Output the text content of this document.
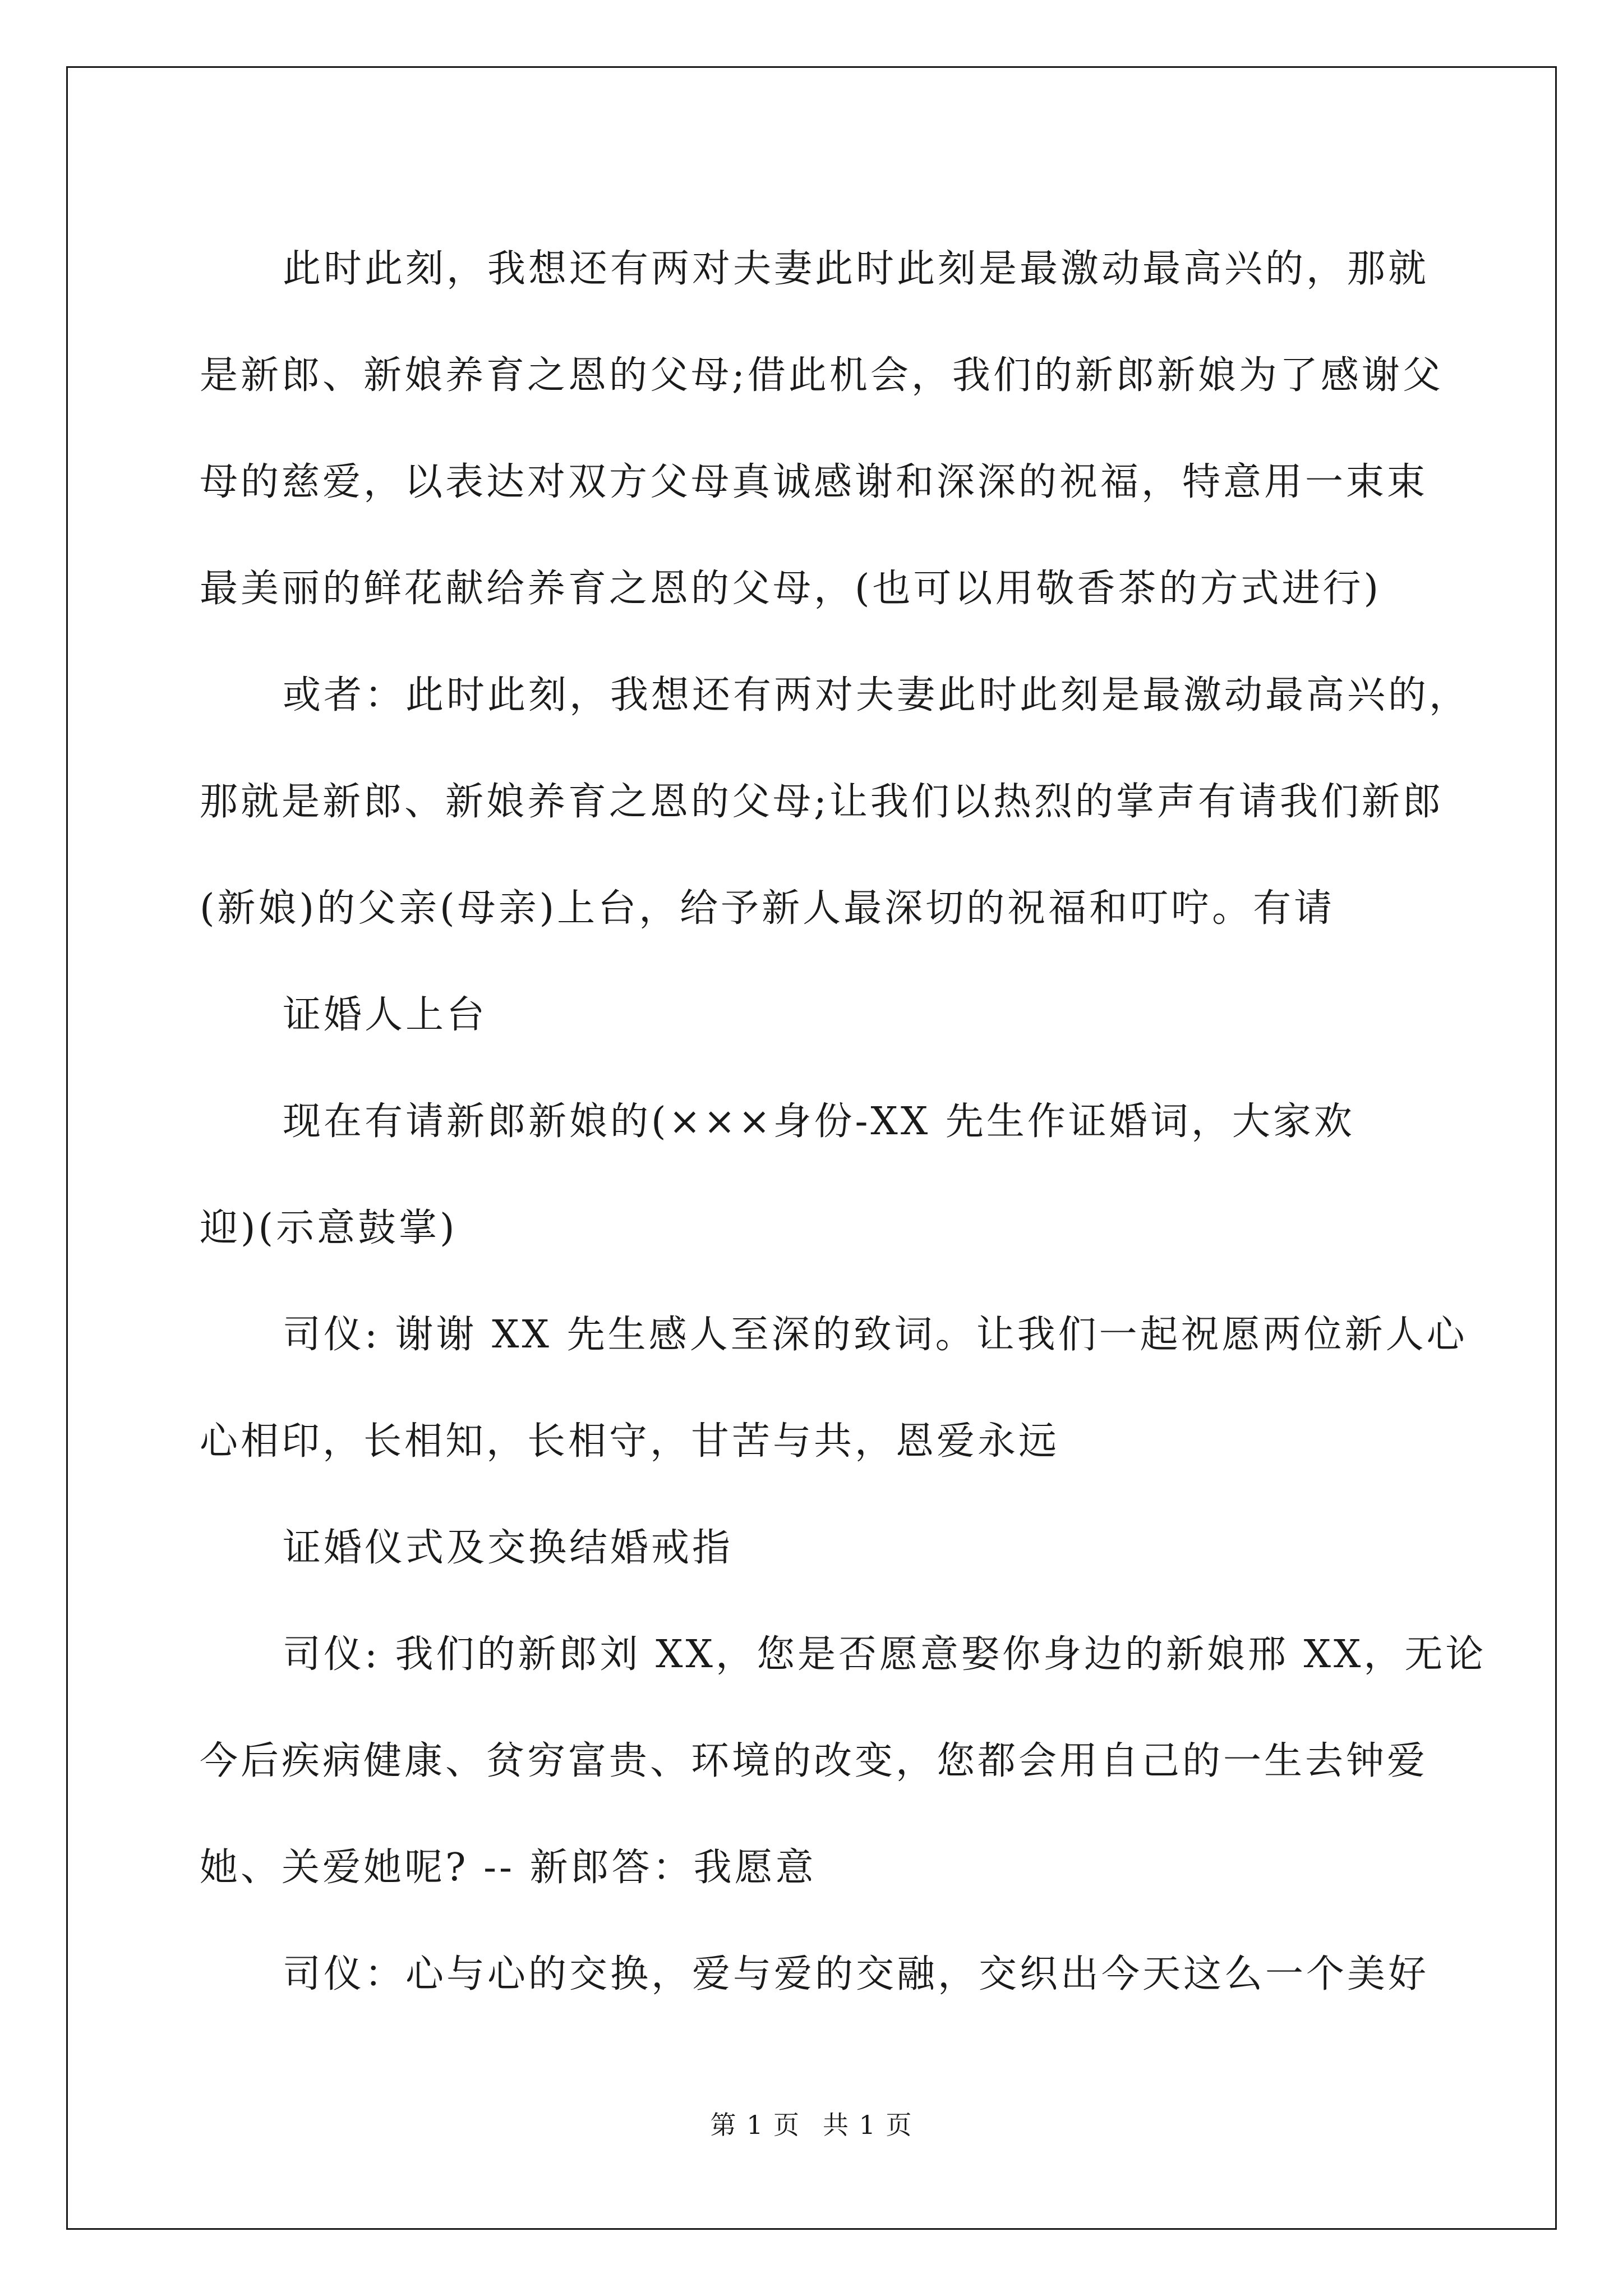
此时此刻，我想还有两对夫妻此时此刻是最激动最高兴的，那就
是新郎、新娘养育之恩的父母;借此机会，我们的新郎新娘为了感谢父
母的慈爱，以表达对双方父母真诚感谢和深深的祝福，特意用一束束
最美丽的鲜花献给养育之恩的父母，(也可以用敬香茶的方式进行)

或者：此时此刻，我想还有两对夫妻此时此刻是最激动最高兴的，
那就是新郎、新娘养育之恩的父母;让我们以热烈的掌声有请我们新郎
(新娘)的父亲(母亲)上台，给予新人最深切的祝福和叮咛。有请

证婚人上台

现在有请新郎新娘的(×××身份-XX 先生作证婚词，大家欢
迎)(示意鼓掌)

司仪: 谢谢 XX 先生感人至深的致词。让我们一起祝愿两位新人心
心相印，长相知，长相守，甘苦与共，恩爱永远

证婚仪式及交换结婚戒指

司仪: 我们的新郎刘 XX，您是否愿意娶你身边的新娘邢 XX，无论
今后疾病健康、贫穷富贵、环境的改变，您都会用自己的一生去钟爱
她、关爱她呢? -- 新郎答：我愿意

司仪：心与心的交换，爱与爱的交融，交织出今天这么一个美好

第 1 页 共 1 页
